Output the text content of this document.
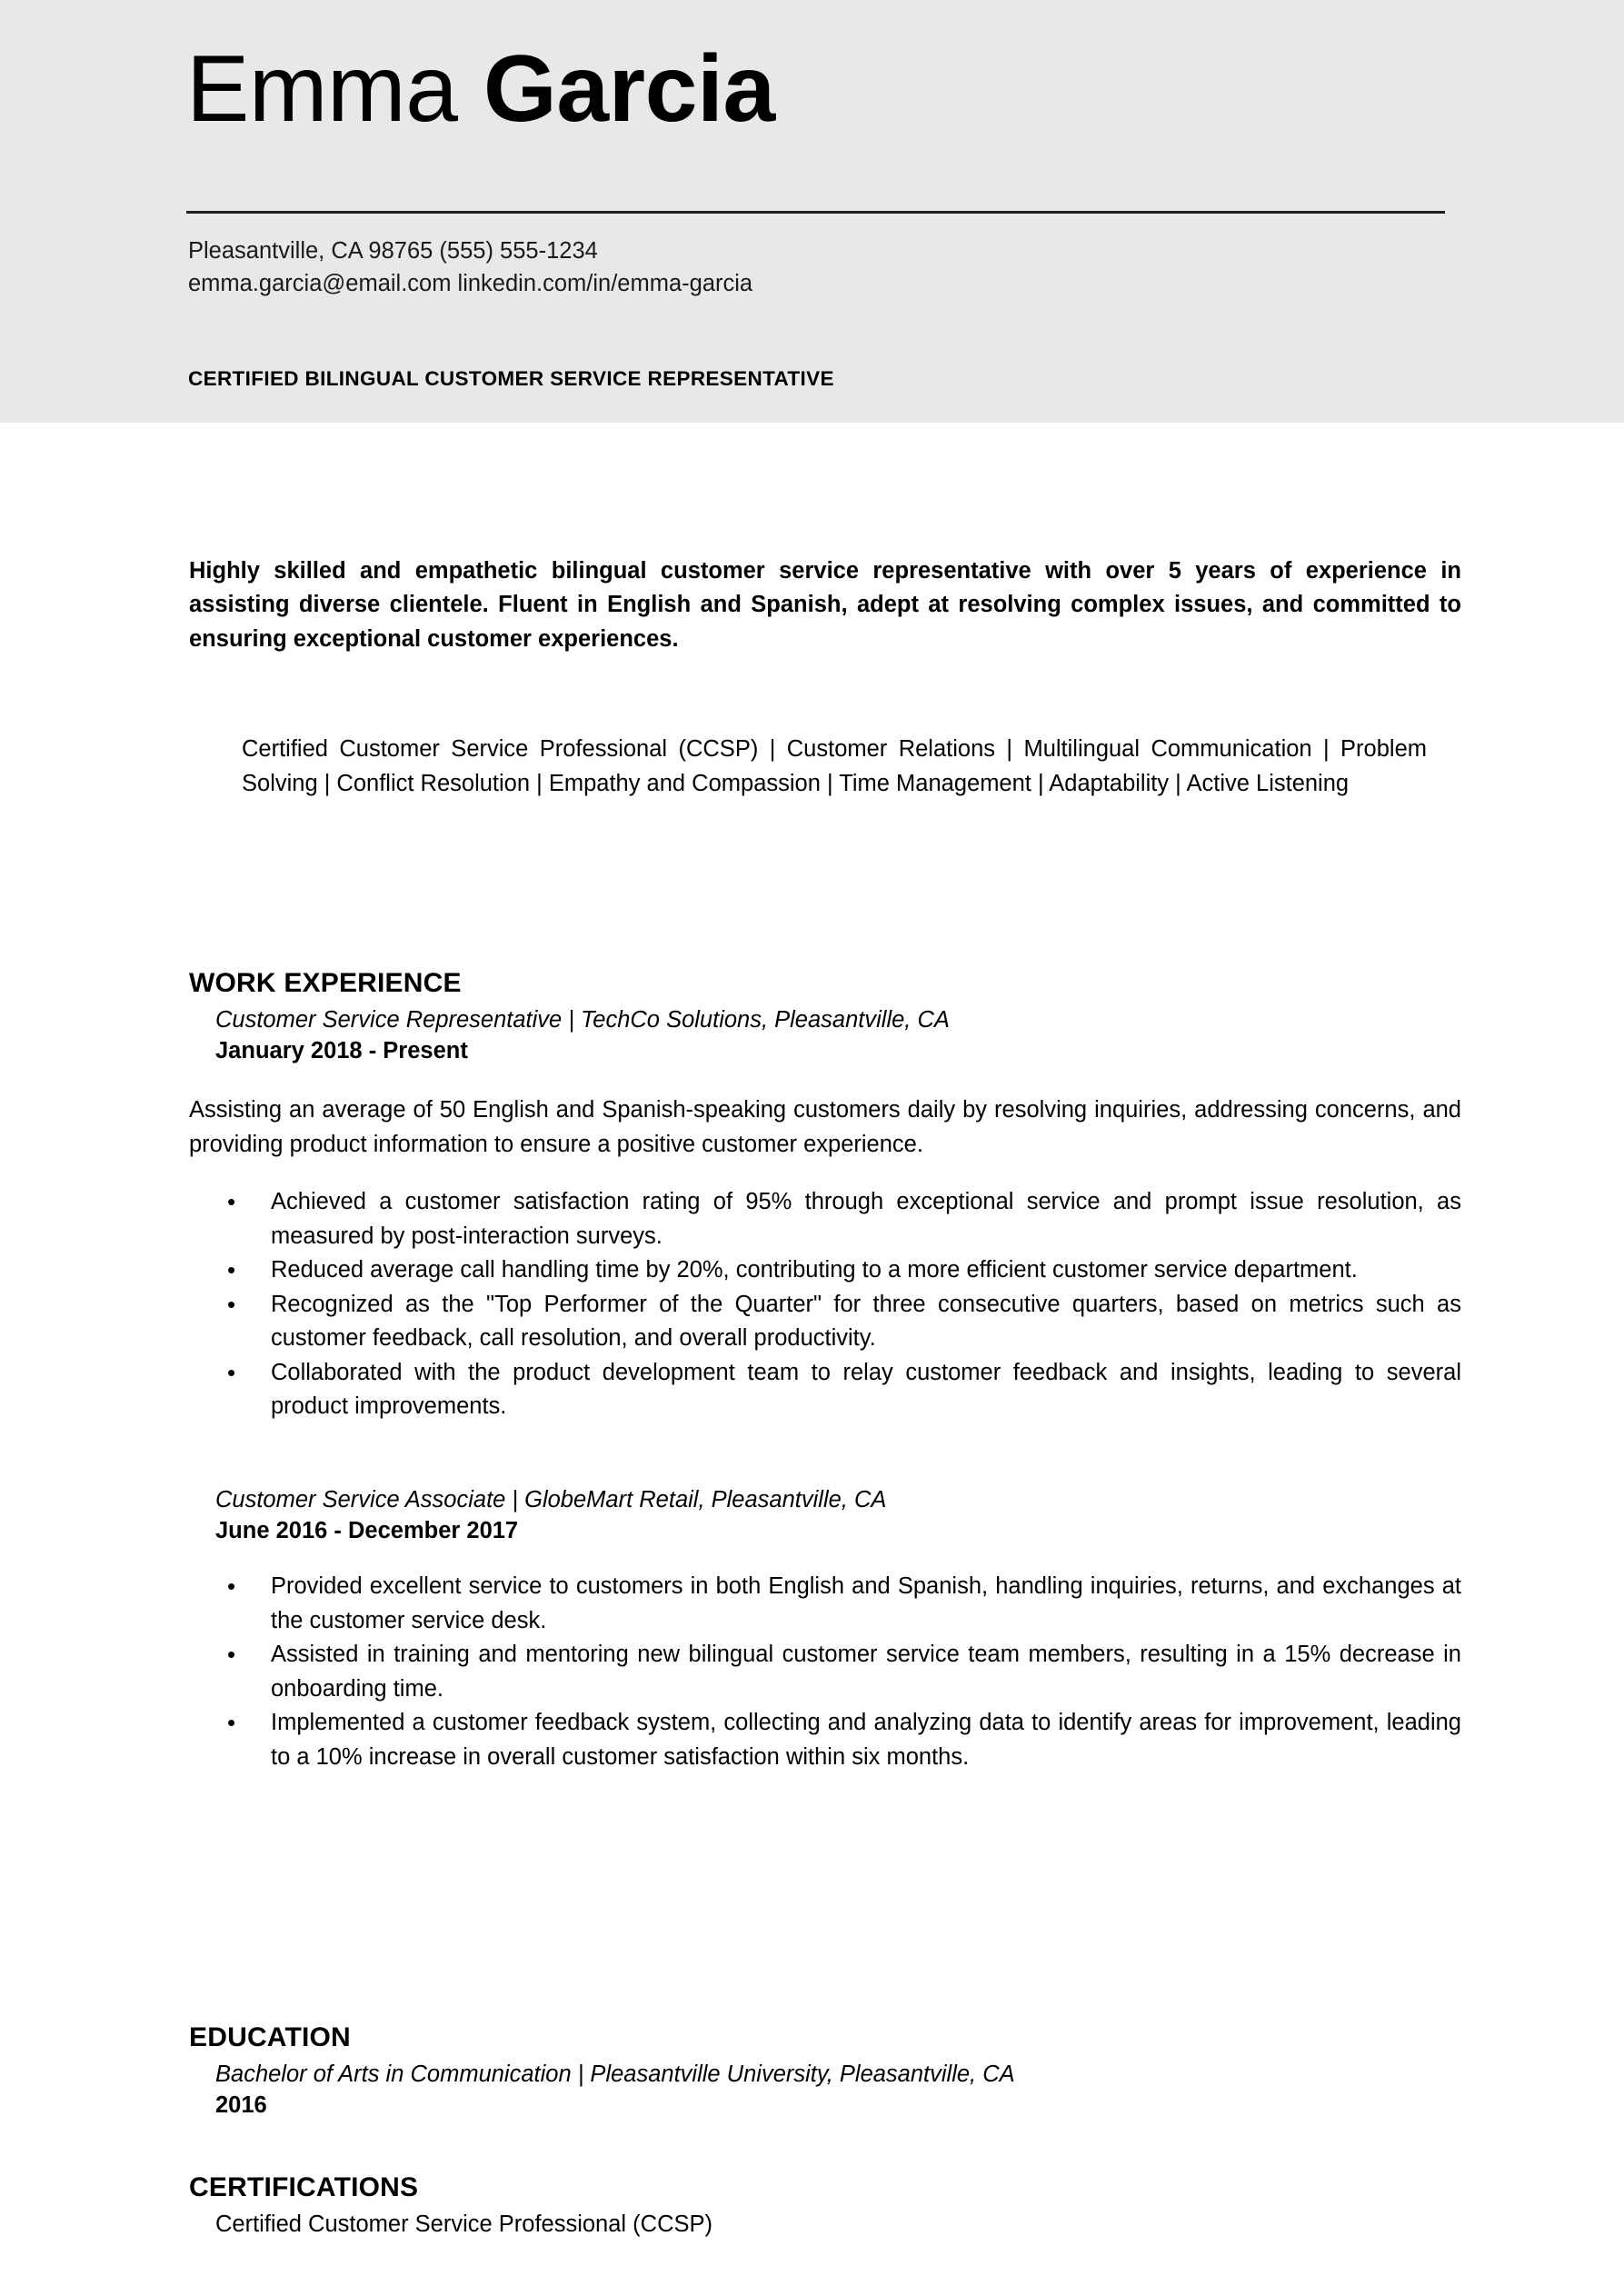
Emma Garcia
Pleasantville, CA 98765 (555) 555-1234
emma.garcia@email.com linkedin.com/in/emma-garcia
CERTIFIED BILINGUAL CUSTOMER SERVICE REPRESENTATIVE
Highly skilled and empathetic bilingual customer service representative with over 5 years of experience in assisting diverse clientele. Fluent in English and Spanish, adept at resolving complex issues, and committed to ensuring exceptional customer experiences.
Certified Customer Service Professional (CCSP) | Customer Relations | Multilingual Communication | Problem Solving | Conflict Resolution | Empathy and Compassion | Time Management | Adaptability | Active Listening
WORK EXPERIENCE
Customer Service Representative | TechCo Solutions, Pleasantville, CA
January 2018 - Present
Assisting an average of 50 English and Spanish-speaking customers daily by resolving inquiries, addressing concerns, and providing product information to ensure a positive customer experience.
• Achieved a customer satisfaction rating of 95% through exceptional service and prompt issue resolution, as measured by post-interaction surveys.
• Reduced average call handling time by 20%, contributing to a more efficient customer service department.
• Recognized as the "Top Performer of the Quarter" for three consecutive quarters, based on metrics such as customer feedback, call resolution, and overall productivity.
• Collaborated with the product development team to relay customer feedback and insights, leading to several product improvements.
Customer Service Associate | GlobeMart Retail, Pleasantville, CA
June 2016 - December 2017
• Provided excellent service to customers in both English and Spanish, handling inquiries, returns, and exchanges at the customer service desk.
• Assisted in training and mentoring new bilingual customer service team members, resulting in a 15% decrease in onboarding time.
• Implemented a customer feedback system, collecting and analyzing data to identify areas for improvement, leading to a 10% increase in overall customer satisfaction within six months.
EDUCATION
Bachelor of Arts in Communication | Pleasantville University, Pleasantville, CA
2016
CERTIFICATIONS
Certified Customer Service Professional (CCSP)
